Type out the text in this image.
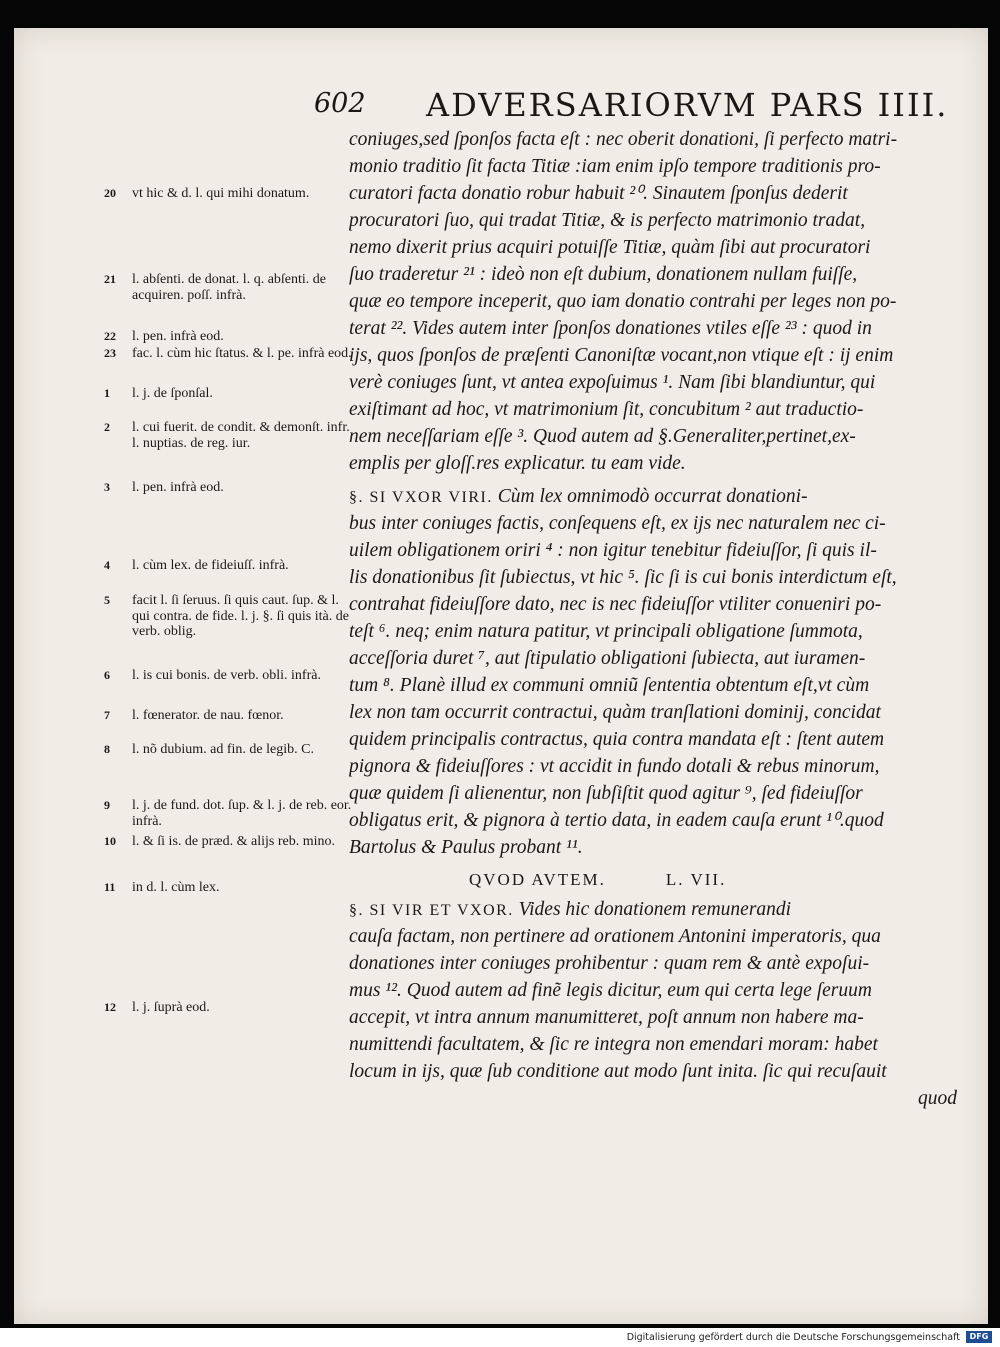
602 ADVERSARIORVM PARS IIII.
20 vt hic & d. l. qui mihi donatum.
21 l. abſenti. de donat. l. q. abſenti. de acquiren. poſſ. infrà.
22 l. pen. infrà eod.
23 fac. l. cùm hic ſtatus. & l. pe. infrà eod.
1 l. j. de ſponſal.
2 l. cui fuerit. de condit. & demonſt. infr. l. nuptias. de reg. iur.
3 l. pen. infrà eod.
4 l. cùm lex. de fideiuſſ. infrà.
5 facit l. ſi ſeruus. ſi quis caut. ſup. & l. qui contra. de fide. l. j. §. ſi quis ità. de verb. oblig.
6 l. is cui bonis. de verb. obli. infrà.
7 l. fœnerator. de nau. fœnor.
8 l. nõ dubium. ad fin. de legib. C.
9 l. j. de fund. dot. ſup. & l. j. de reb. eor. infrà.
10 l. & ſi is. de præd. & alijs reb. mino.
11 in d. l. cùm lex.
12 l. j. ſuprà eod.
coniuges,sed ſponſos facta eſt : nec oberit donationi, ſi perfecto matri-
monio traditio ſit facta Titiæ :iam enim ipſo tempore traditionis pro-
curatori facta donatio robur habuit ²⁰. Sinautem ſponſus dederit
procuratori ſuo, qui tradat Titiæ, & is perfecto matrimonio tradat,
nemo dixerit prius acquiri potuiſſe Titiæ, quàm ſibi aut procuratori
ſuo traderetur ²¹ : ideò non eſt dubium, donationem nullam fuiſſe,
quæ eo tempore inceperit, quo iam donatio contrahi per leges non po-
terat ²². Vides autem inter ſponſos donationes vtiles eſſe ²³ : quod in
ijs, quos ſponſos de præſenti Canoniſtæ vocant,non vtique eſt : ij enim
verè coniuges ſunt, vt antea expoſuimus ¹. Nam ſibi blandiuntur, qui
exiſtimant ad hoc, vt matrimonium ſit, concubitum ² aut traductio-
nem neceſſariam eſſe ³. Quod autem ad §.Generaliter,pertinet,ex-
emplis per gloſſ.res explicatur. tu eam vide.
§. SI VXOR VIRI. Cùm lex omnimodò occurrat donationi-
bus inter coniuges factis, conſequens eſt, ex ijs nec naturalem nec ci-
uilem obligationem oriri ⁴ : non igitur tenebitur fideiuſſor, ſi quis il-
lis donationibus ſit ſubiectus, vt hic ⁵. ſic ſi is cui bonis interdictum eſt,
contrahat fideiuſſore dato, nec is nec fideiuſſor vtiliter conueniri po-
teſt ⁶. neq; enim natura patitur, vt principali obligatione ſummota,
acceſſoria duret ⁷, aut ſtipulatio obligationi ſubiecta, aut iuramen-
tum ⁸. Planè illud ex communi omniũ ſententia obtentum eſt,vt cùm
lex non tam occurrit contractui, quàm tranſlationi dominij, concidat
quidem principalis contractus, quia contra mandata eſt : ſtent autem
pignora & fideiuſſores : vt accidit in fundo dotali & rebus minorum,
quæ quidem ſi alienentur, non ſubſiſtit quod agitur ⁹, ſed fideiuſſor
obligatus erit, & pignora à tertio data, in eadem cauſa erunt ¹⁰.quod
Bartolus & Paulus probant ¹¹.
QVOD AVTEM.	L. VII.
§. SI VIR ET VXOR. Vides hic donationem remunerandi
cauſa factam, non pertinere ad orationem Antonini imperatoris, qua
donationes inter coniuges prohibentur : quam rem & antè expoſui-
mus ¹². Quod autem ad finẽ legis dicitur, eum qui certa lege ſeruum
accepit, vt intra annum manumitteret, poſt annum non habere ma-
numittendi facultatem, & ſic re integra non emendari moram: habet
locum in ijs, quæ ſub conditione aut modo ſunt inita. ſic qui recuſauit
quod
Digitalisierung gefördert durch die Deutsche Forschungsgemeinschaft	DFG
